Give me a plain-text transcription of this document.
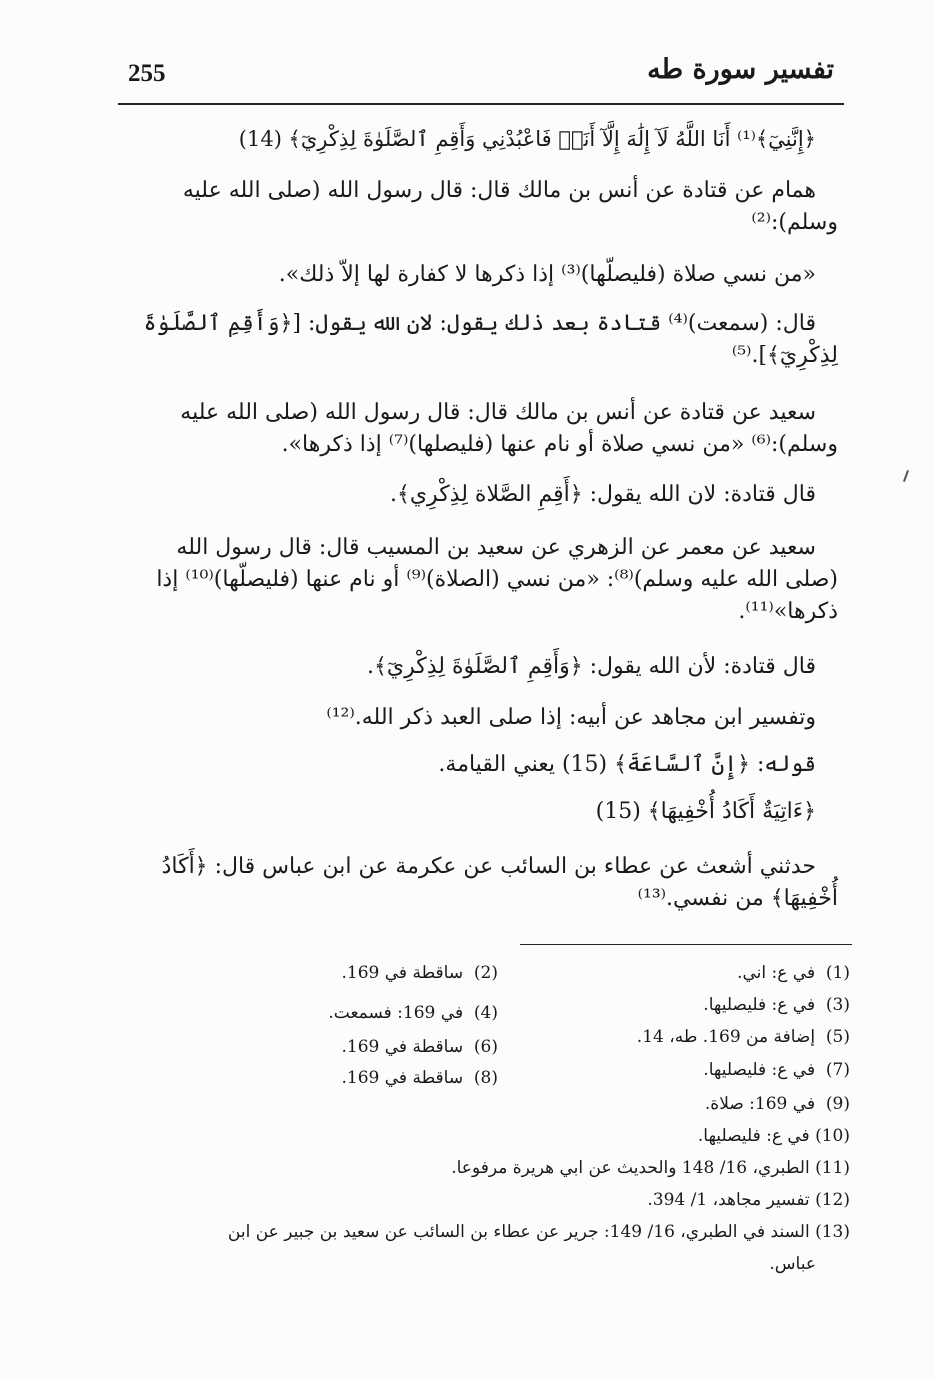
تفسير سورة طه
255
﴿إِنَّنِيٓ﴾⁽¹⁾ أَنَا اللَّهُ لَآ إِلَٰهَ إِلَّآ أَنَا۠ فَاعْبُدْنِي وَأَقِمِ ٱلصَّلَوٰةَ لِذِكْرِيٓ﴾ (14)
همام عن قتادة عن أنس بن مالك قال: قال رسول الله (صلى الله عليه
وسلم):⁽²⁾
«من نسي صلاة (فليصلّها)⁽³⁾ إذا ذكرها لا كفارة لها إلاّ ذلك».
قال: (سمعت)⁽⁴⁾ قتادة بعد ذلك يقول: لان الله يقول: [﴿وَأَقِمِ ٱلصَّلَوٰةَ
لِذِكْرِيٓ﴾].⁽⁵⁾
سعيد عن قتادة عن أنس بن مالك قال: قال رسول الله (صلى الله عليه
وسلم):⁽⁶⁾ «من نسي صلاة أو نام عنها (فليصلها)⁽⁷⁾ إذا ذكرها».
قال قتادة: لان الله يقول: ﴿أَقِمِ الصَّلاة لِذِكْرِي﴾.
سعيد عن معمر عن الزهري عن سعيد بن المسيب قال: قال رسول الله
(صلى الله عليه وسلم)⁽⁸⁾: «من نسي (الصلاة)⁽⁹⁾ أو نام عنها (فليصلّها)⁽¹⁰⁾ إذا
ذكرها»⁽¹¹⁾.
قال قتادة: لأن الله يقول: ﴿وَأَقِمِ ٱلصَّلَوٰةَ لِذِكْرِيٓ﴾.
وتفسير ابن مجاهد عن أبيه: إذا صلى العبد ذكر الله.⁽¹²⁾
قوله: ﴿إِنَّ ٱلسَّاعَةَ﴾ (15) يعني القيامة.
﴿ءَاتِيَةٌ أَكَادُ أُخْفِيهَا﴾ (15)
حدثني أشعث عن عطاء بن السائب عن عكرمة عن ابن عباس قال: ﴿أَكَادُ
أُخْفِيهَا﴾ من نفسي.⁽¹³⁾
(1)  في ع: اني.
(2)  ساقطة في 169.
(3)  في ع: فليصليها.
(4)  في 169: فسمعت.
(5)  إضافة من 169. طه، 14.
(6)  ساقطة في 169.
(7)  في ع: فليصليها.
(8)  ساقطة في 169.
(9)  في 169: صلاة.
(10) في ع: فليصليها.
(11) الطبري، 16/ 148 والحديث عن ابي هريرة مرفوعا.
(12) تفسير مجاهد، 1/ 394.
(13) السند في الطبري، 16/ 149: جرير عن عطاء بن السائب عن سعيد بن جبير عن ابن
عباس.
